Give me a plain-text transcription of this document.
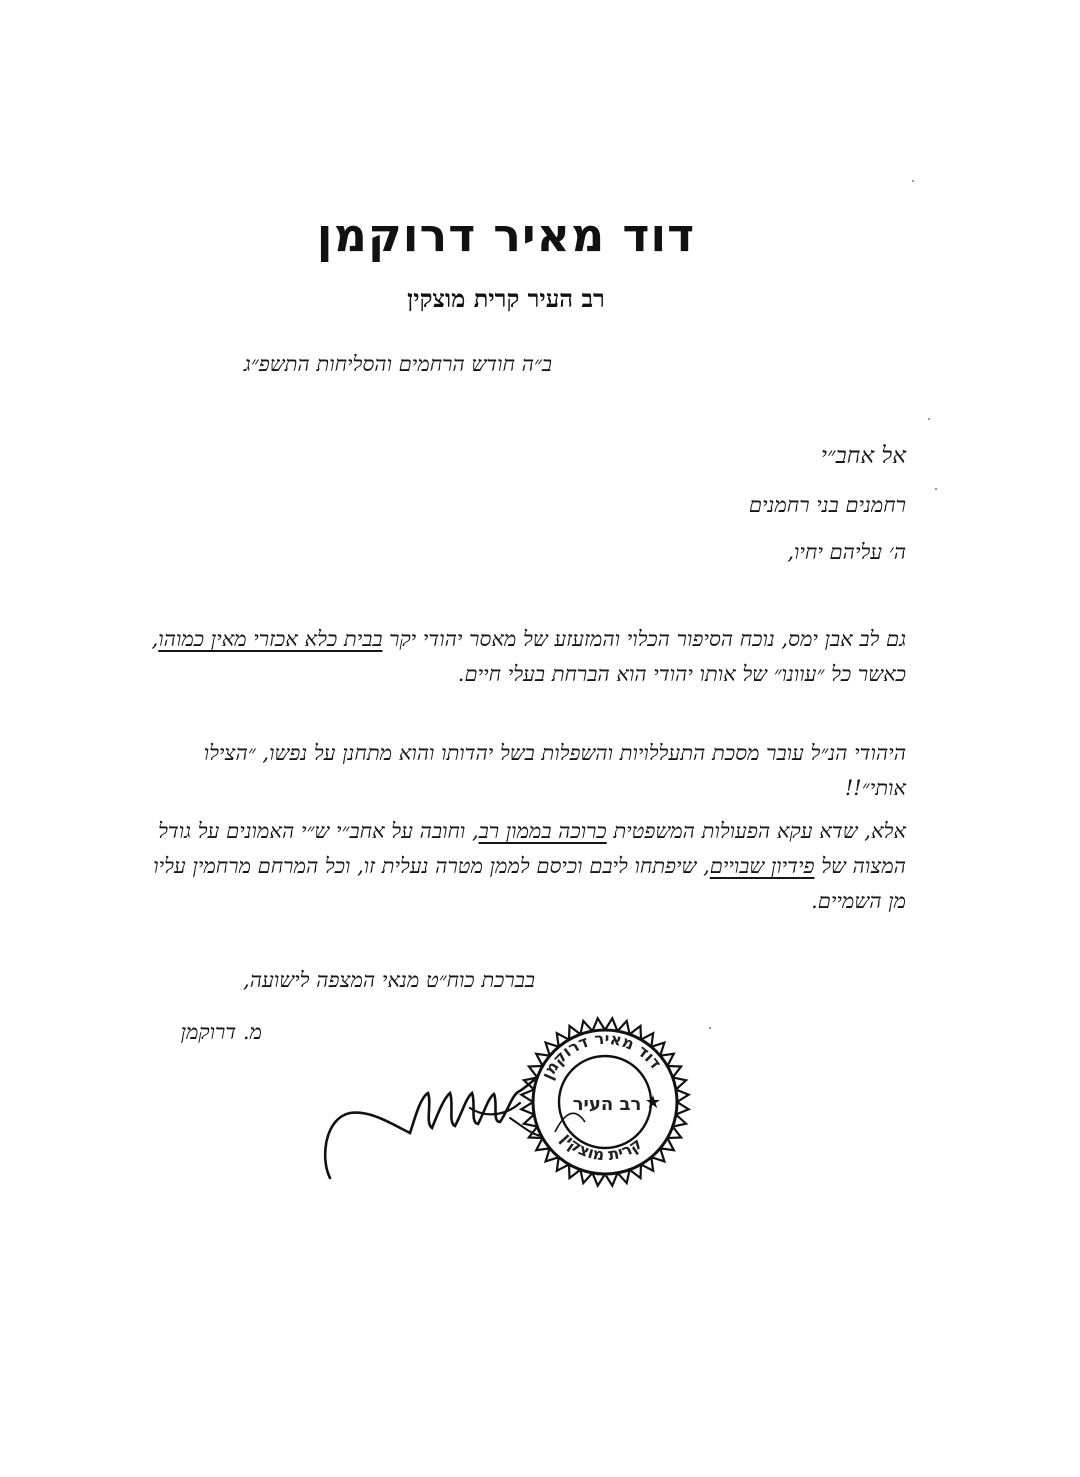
דוד מאיר דרוקמן
רב העיר קרית מוצקין
ב״ה חודש הרחמים והסליחות התשפ״ג
אל אחב״י
רחמנים בני רחמנים
ה׳ עליהם יחיו,
גם לב אבן ימס, נוכח הסיפור הכלוי והמזעזע של מאסר יהודי יקר בבית כלא אכזרי מאין כמוהו, כאשר כל ״עוונו״ של אותו יהודי הוא הברחת בעלי חיים.
היהודי הנ״ל עובר מסכת התעללויות והשפלות בשל יהדותו והוא מתחנן על נפשו, ״הצילו אותי״!!
אלא, שדא עקא הפעולות המשפטית כרוכה בממון רב, וחובה על אחב״י ש״י האמונים על גודל המצוה של פידיון שבויים, שיפתחו ליבם וכיסם לממן מטרה נעלית זו, וכל המרחם מרחמין עליו מן השמיים.
בברכת כוח״ט מנאי המצפה לישועה,
מ. דרוקמן
דוד מאיר דרוקמן
קרית מוצקין
רב העיר ★
· · ·
